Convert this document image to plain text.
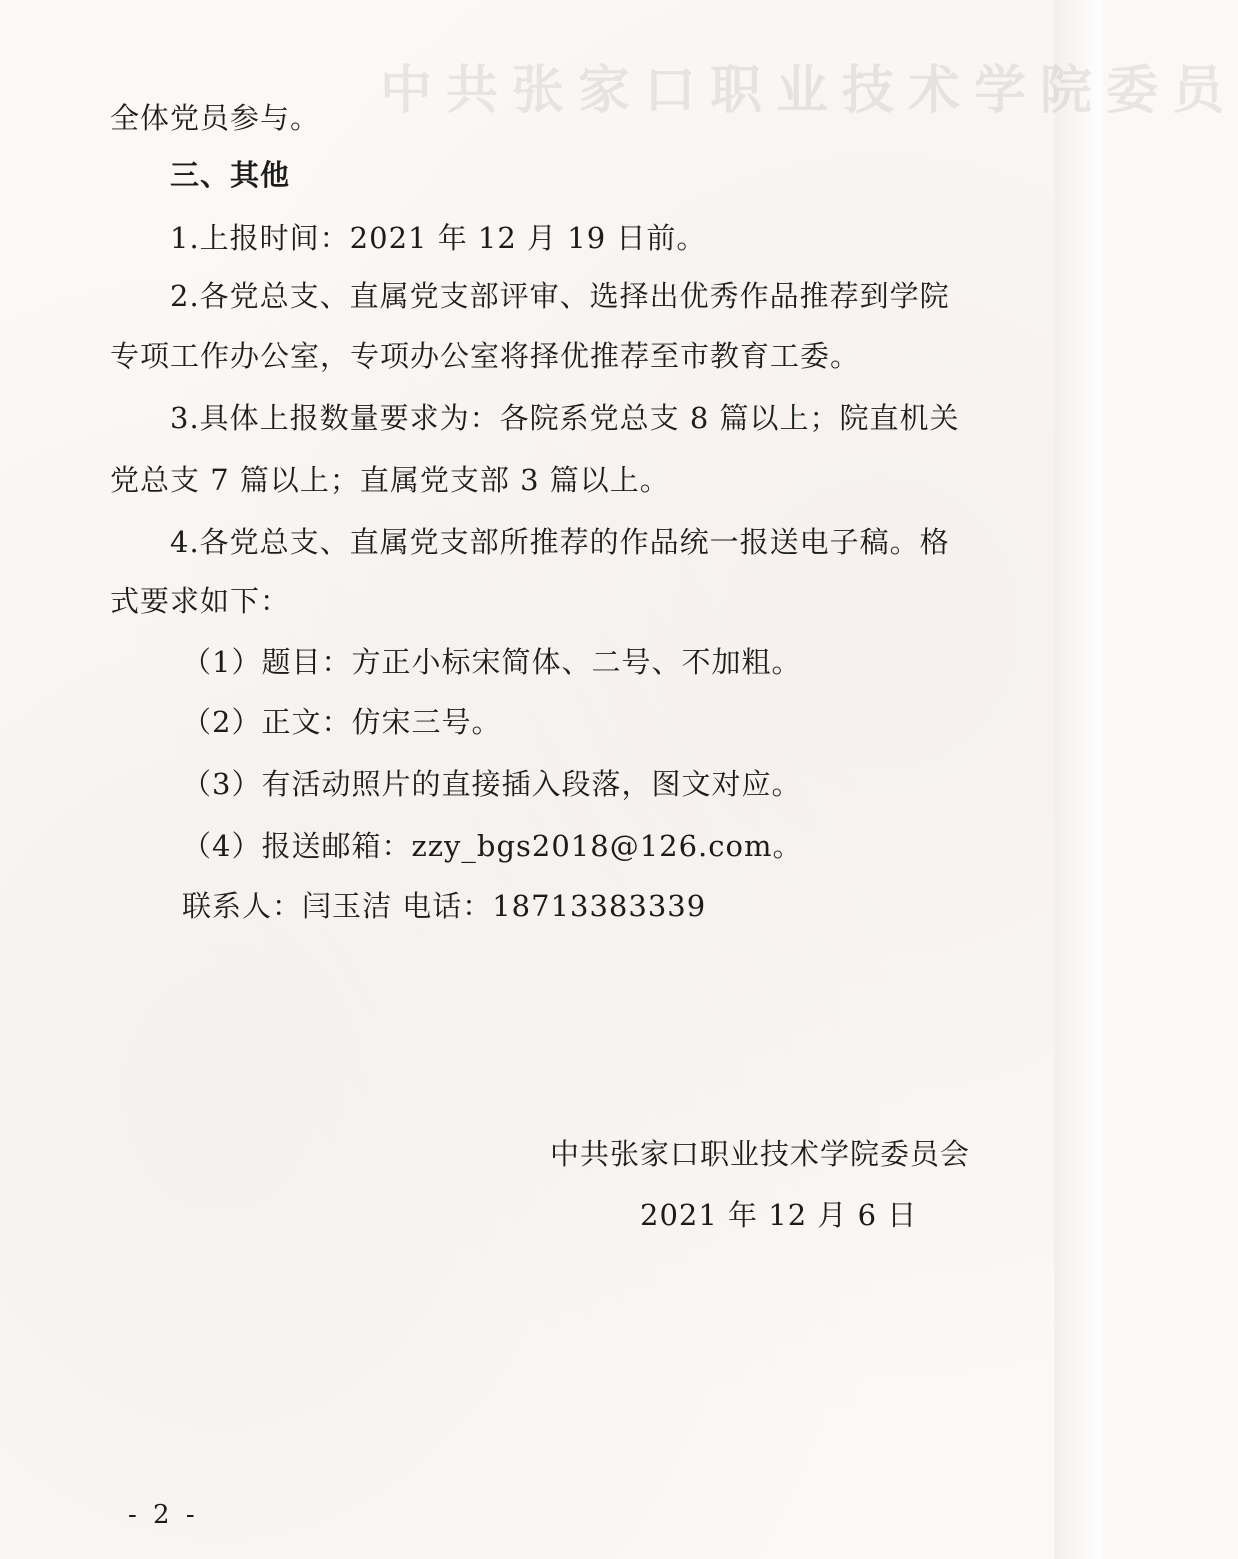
中共张家口职业技术学院委员
全体党员参与。
三、其他
1.上报时间：2021 年 12 月 19 日前。
2.各党总支、直属党支部评审、选择出优秀作品推荐到学院
专项工作办公室，专项办公室将择优推荐至市教育工委。
3.具体上报数量要求为：各院系党总支 8 篇以上；院直机关
党总支 7 篇以上；直属党支部 3 篇以上。
4.各党总支、直属党支部所推荐的作品统一报送电子稿。格
式要求如下：
（1）题目：方正小标宋简体、二号、不加粗。
（2）正文：仿宋三号。
（3）有活动照片的直接插入段落，图文对应。
（4）报送邮箱：zzy_bgs2018@126.com。
联系人：闫玉洁 电话：18713383339
中共张家口职业技术学院委员会
2021 年 12 月 6 日
- 2 -
